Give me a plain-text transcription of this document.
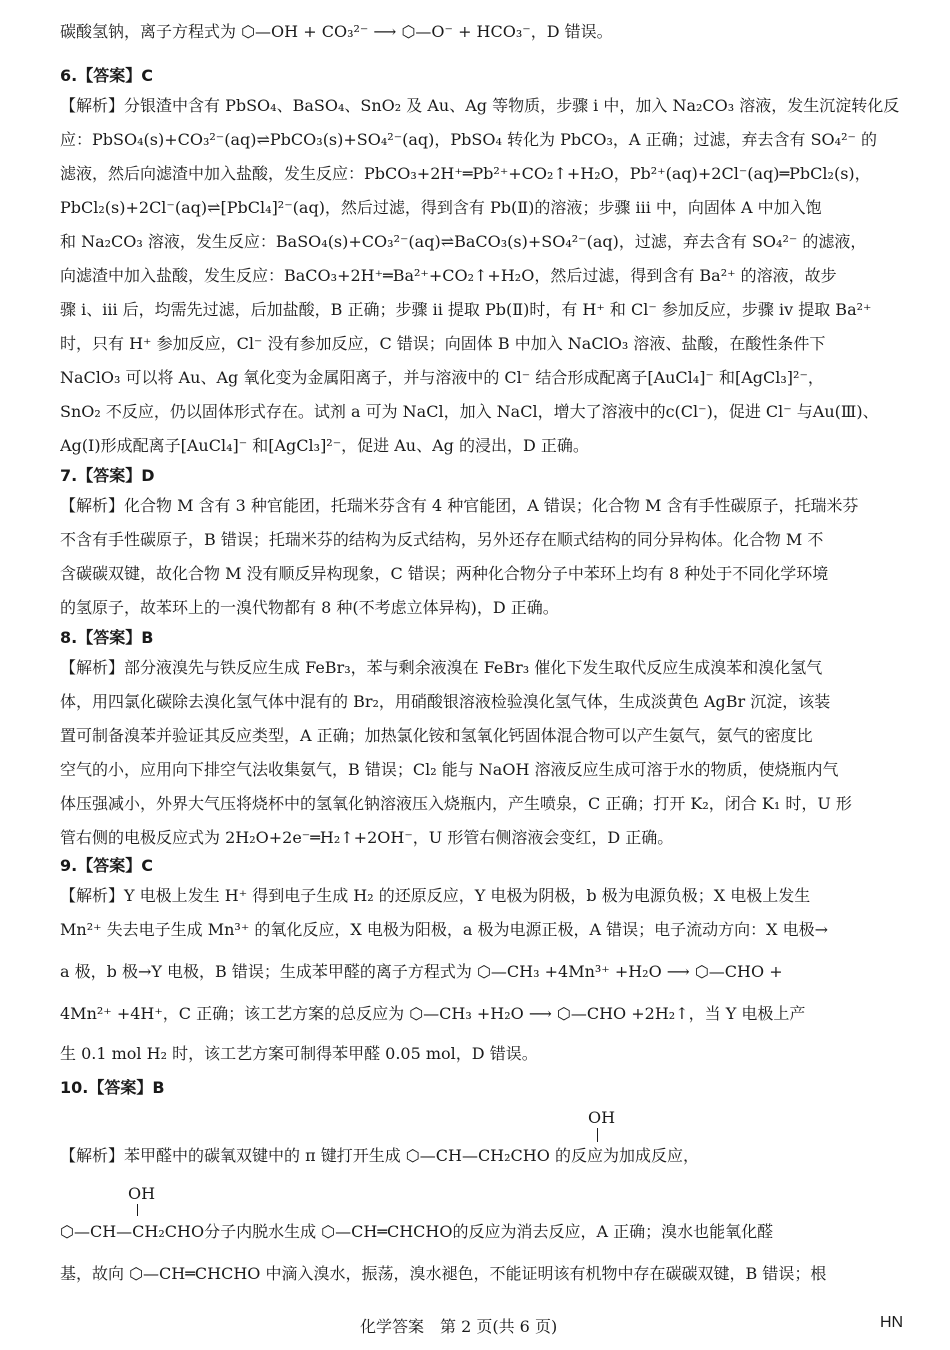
碳酸氢钠，离子方程式为 ⬡—OH + CO₃²⁻ ⟶ ⬡—O⁻ + HCO₃⁻，D 错误。
6.【答案】C
【解析】分银渣中含有 PbSO₄、BaSO₄、SnO₂ 及 Au、Ag 等物质，步骤 ⅰ 中，加入 Na₂CO₃ 溶液，发生沉淀转化反
应：PbSO₄(s)+CO₃²⁻(aq)⇌PbCO₃(s)+SO₄²⁻(aq)，PbSO₄ 转化为 PbCO₃，A 正确；过滤，弃去含有 SO₄²⁻ 的
滤液，然后向滤渣中加入盐酸，发生反应：PbCO₃+2H⁺═Pb²⁺+CO₂↑+H₂O，Pb²⁺(aq)+2Cl⁻(aq)═PbCl₂(s)，
PbCl₂(s)+2Cl⁻(aq)⇌[PbCl₄]²⁻(aq)，然后过滤，得到含有 Pb(Ⅱ)的溶液；步骤 ⅲ 中，向固体 A 中加入饱
和 Na₂CO₃ 溶液，发生反应：BaSO₄(s)+CO₃²⁻(aq)⇌BaCO₃(s)+SO₄²⁻(aq)，过滤，弃去含有 SO₄²⁻ 的滤液，
向滤渣中加入盐酸，发生反应：BaCO₃+2H⁺═Ba²⁺+CO₂↑+H₂O，然后过滤，得到含有 Ba²⁺ 的溶液，故步
骤 ⅰ、ⅲ 后，均需先过滤，后加盐酸，B 正确；步骤 ⅱ 提取 Pb(Ⅱ)时，有 H⁺ 和 Cl⁻ 参加反应，步骤 ⅳ 提取 Ba²⁺
时，只有 H⁺ 参加反应，Cl⁻ 没有参加反应，C 错误；向固体 B 中加入 NaClO₃ 溶液、盐酸，在酸性条件下
NaClO₃ 可以将 Au、Ag 氧化变为金属阳离子，并与溶液中的 Cl⁻ 结合形成配离子[AuCl₄]⁻ 和[AgCl₃]²⁻，
SnO₂ 不反应，仍以固体形式存在。试剂 a 可为 NaCl，加入 NaCl，增大了溶液中的c(Cl⁻)，促进 Cl⁻ 与Au(Ⅲ)、
Ag(Ⅰ)形成配离子[AuCl₄]⁻ 和[AgCl₃]²⁻，促进 Au、Ag 的浸出，D 正确。
7.【答案】D
【解析】化合物 M 含有 3 种官能团，托瑞米芬含有 4 种官能团，A 错误；化合物 M 含有手性碳原子，托瑞米芬
不含有手性碳原子，B 错误；托瑞米芬的结构为反式结构，另外还存在顺式结构的同分异构体。化合物 M 不
含碳碳双键，故化合物 M 没有顺反异构现象，C 错误；两种化合物分子中苯环上均有 8 种处于不同化学环境
的氢原子，故苯环上的一溴代物都有 8 种(不考虑立体异构)，D 正确。
8.【答案】B
【解析】部分液溴先与铁反应生成 FeBr₃，苯与剩余液溴在 FeBr₃ 催化下发生取代反应生成溴苯和溴化氢气
体，用四氯化碳除去溴化氢气体中混有的 Br₂，用硝酸银溶液检验溴化氢气体，生成淡黄色 AgBr 沉淀，该装
置可制备溴苯并验证其反应类型，A 正确；加热氯化铵和氢氧化钙固体混合物可以产生氨气，氨气的密度比
空气的小，应用向下排空气法收集氨气，B 错误；Cl₂ 能与 NaOH 溶液反应生成可溶于水的物质，使烧瓶内气
体压强减小，外界大气压将烧杯中的氢氧化钠溶液压入烧瓶内，产生喷泉，C 正确；打开 K₂，闭合 K₁ 时，U 形
管右侧的电极反应式为 2H₂O+2e⁻═H₂↑+2OH⁻，U 形管右侧溶液会变红，D 正确。
9.【答案】C
【解析】Y 电极上发生 H⁺ 得到电子生成 H₂ 的还原反应，Y 电极为阴极，b 极为电源负极；X 电极上发生
Mn²⁺ 失去电子生成 Mn³⁺ 的氧化反应，X 电极为阳极，a 极为电源正极，A 错误；电子流动方向：X 电极→
a 极，b 极→Y 电极，B 错误；生成苯甲醛的离子方程式为 ⬡—CH₃ +4Mn³⁺ +H₂O ⟶ ⬡—CHO +
4Mn²⁺ +4H⁺，C 正确；该工艺方案的总反应为 ⬡—CH₃ +H₂O ⟶ ⬡—CHO +2H₂↑，当 Y 电极上产
生 0.1 mol H₂ 时，该工艺方案可制得苯甲醛 0.05 mol，D 错误。
10.【答案】B
OH
【解析】苯甲醛中的碳氧双键中的 π 键打开生成 ⬡—CH—CH₂CHO 的反应为加成反应，
OH
⬡—CH—CH₂CHO分子内脱水生成 ⬡—CH═CHCHO的反应为消去反应，A 正确；溴水也能氧化醛
基，故向 ⬡—CH═CHCHO 中滴入溴水，振荡，溴水褪色，不能证明该有机物中存在碳碳双键，B 错误；根
化学答案　第 2 页(共 6 页)	HN
